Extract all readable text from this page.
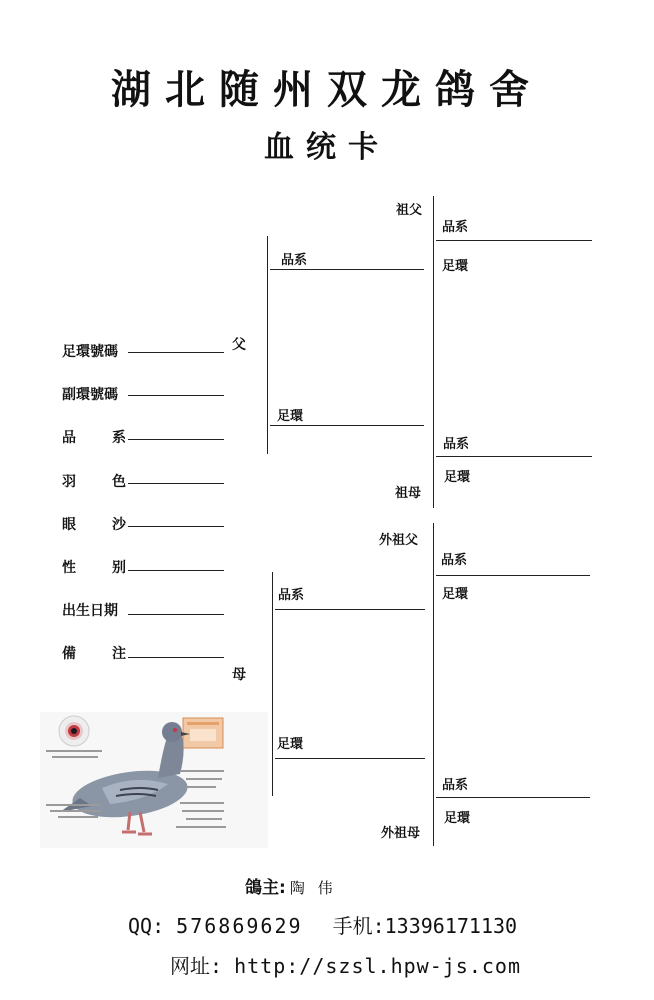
湖北随州双龙鸽舍
血统卡
足環號碼
副環號碼
品	系
羽	色
眼	沙
性	别
出生日期
備	注
父
品系
足環
祖父
祖母
品系
足環
品系
足環
母
品系
足環
外祖父
外祖母
品系
足環
品系
足環
鴿主: 陶 伟
QQ: 576869629 手机:13396171130
网址: http://szsl.hpw-js.com
